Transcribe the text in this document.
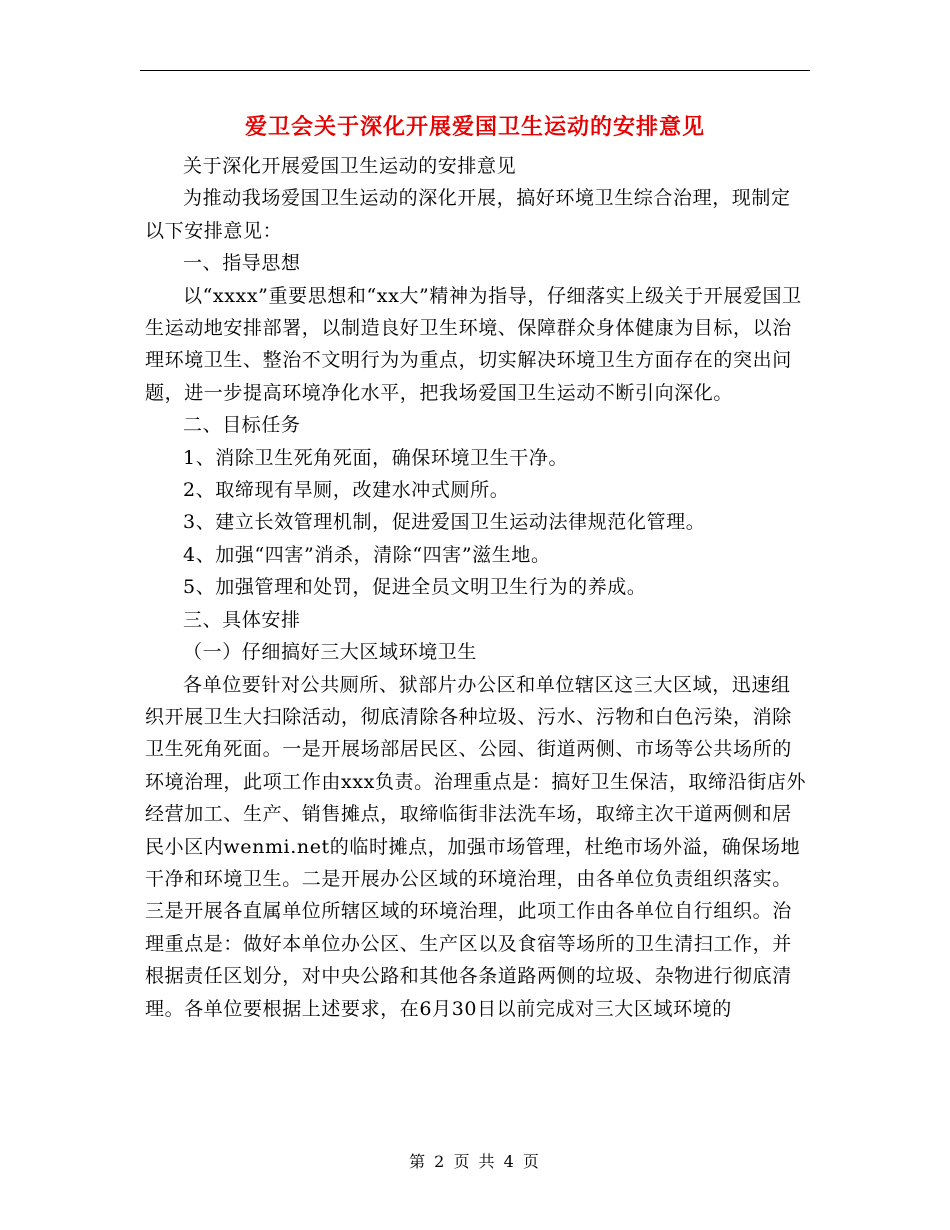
爱卫会关于深化开展爱国卫生运动的安排意见

关于深化开展爱国卫生运动的安排意见

为推动我场爱国卫生运动的深化开展，搞好环境卫生综合治理，现制定以下安排意见：

一、指导思想

以“xxxx”重要思想和“xx大”精神为指导，仔细落实上级关于开展爱国卫生运动地安排部署，以制造良好卫生环境、保障群众身体健康为目标，以治理环境卫生、整治不文明行为为重点，切实解决环境卫生方面存在的突出问题，进一步提高环境净化水平，把我场爱国卫生运动不断引向深化。

二、目标任务

1、消除卫生死角死面，确保环境卫生干净。

2、取缔现有旱厕，改建水冲式厕所。

3、建立长效管理机制，促进爱国卫生运动法律规范化管理。

4、加强“四害”消杀，清除“四害”滋生地。

5、加强管理和处罚，促进全员文明卫生行为的养成。

三、具体安排

（一）仔细搞好三大区域环境卫生

各单位要针对公共厕所、狱部片办公区和单位辖区这三大区域，迅速组织开展卫生大扫除活动，彻底清除各种垃圾、污水、污物和白色污染，消除卫生死角死面。一是开展场部居民区、公园、街道两侧、市场等公共场所的环境治理，此项工作由xxx负责。治理重点是：搞好卫生保洁，取缔沿街店外经营加工、生产、销售摊点，取缔临街非法洗车场，取缔主次干道两侧和居民小区内wenmi.net的临时摊点，加强市场管理，杜绝市场外溢，确保场地干净和环境卫生。二是开展办公区域的环境治理，由各单位负责组织落实。三是开展各直属单位所辖区域的环境治理，此项工作由各单位自行组织。治理重点是：做好本单位办公区、生产区以及食宿等场所的卫生清扫工作，并根据责任区划分，对中央公路和其他各条道路两侧的垃圾、杂物进行彻底清理。各单位要根据上述要求，在6月30日以前完成对三大区域环境的

第 2 页 共 4 页
